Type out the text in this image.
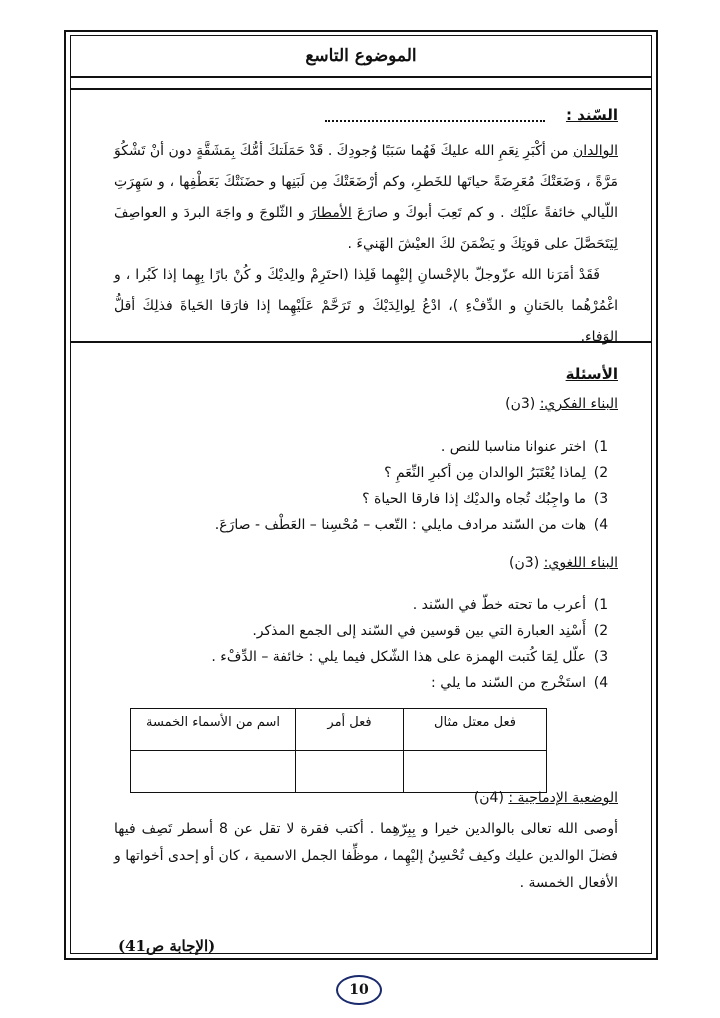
الموضوع التاسع
السّند :
الوالدان من أكْبَرِ نِعَمِ الله عليكَ فَهُما سَبَبًا وُجودِكَ . قَدْ حَمَلَتكَ أمُّكَ بِمَشَقَّةٍ دون أنْ تَشْكُوَ مَرَّةً ، وَضَعَتْكَ مُعَرِضَةً حياتَها للخَطرِ، وكم أرْضَعَتْكَ مِن لَبَنِها و حضَنَتْكَ بَعَطْفِها ، و سَهِرَتِ اللّيالي خائفةً علَيْك . و كم تَعِبَ أبوكَ و صارَعَ الأمطارَ و الثّلوجَ و واجَهَ البردَ و العواصِفَ لِيَتَحَصَّلَ على قوتِكَ و يَضْمَنَ لكَ العيْشَ الهَنيءَ .
فَقَدْ أمَرَنا الله عزّوجلّ بالإحْسانِ إليْهِما فَلِذا (احتَرِمْ والِديْكَ و كُنْ بارًا بِهِما إذا كَبُرا ، و اغْمُرْهُما بالحَنانِ و الدِّفْءِ )، ادْعُ لِوالِدَيْكَ و تَرَحَّمْ عَلَيْهِما إذا فارَقا الحَياةَ فذلِكَ أقلُّ الوَفاء.
الأسئلة
البناء الفكري: (3ن)
1)
اختر عنوانا مناسبا للنص .
2)
لِماذا يُعْتَبَرُ الوالدان مِن أكبرِ النِّعَمِ ؟
3)
ما واجِبُك تُجاه والديْك إذا فارقا الحياة ؟
4)
هات من السّند مرادف مايلي : التّعب – مُحْسِنا – العَطْف - صارَعَ.
البناء اللغوي: (3ن)
1)
أعرب ما تحته خطّ في السّند .
2)
أَسْنِد العبارة التي بين قوسين في السّند إلى الجمع المذكر.
3)
علّل لِمَا كُتبت الهمزة على هذا الشّكل فيما يلي : خائفة – الدِّفْء .
4)
استَخْرج من السّند ما يلي :
فعل معتل مثال	فعل أمر	اسم من الأسماء الخمسة

الوضعية الإدماجية : (4ن)
أوصى الله تعالى بالوالدين خيرا و بِبِرّهِما . أكتب فقرة لا تقل عن 8 أسطر تَصِف فيها فضلَ الوالدين عليك وكيف تُحْسِنُ إليْهِما ، موظِّفا الجمل الاسمية ، كان أو إحدى أخواتها و الأفعال الخمسة .
(الإجابة ص41)
10
